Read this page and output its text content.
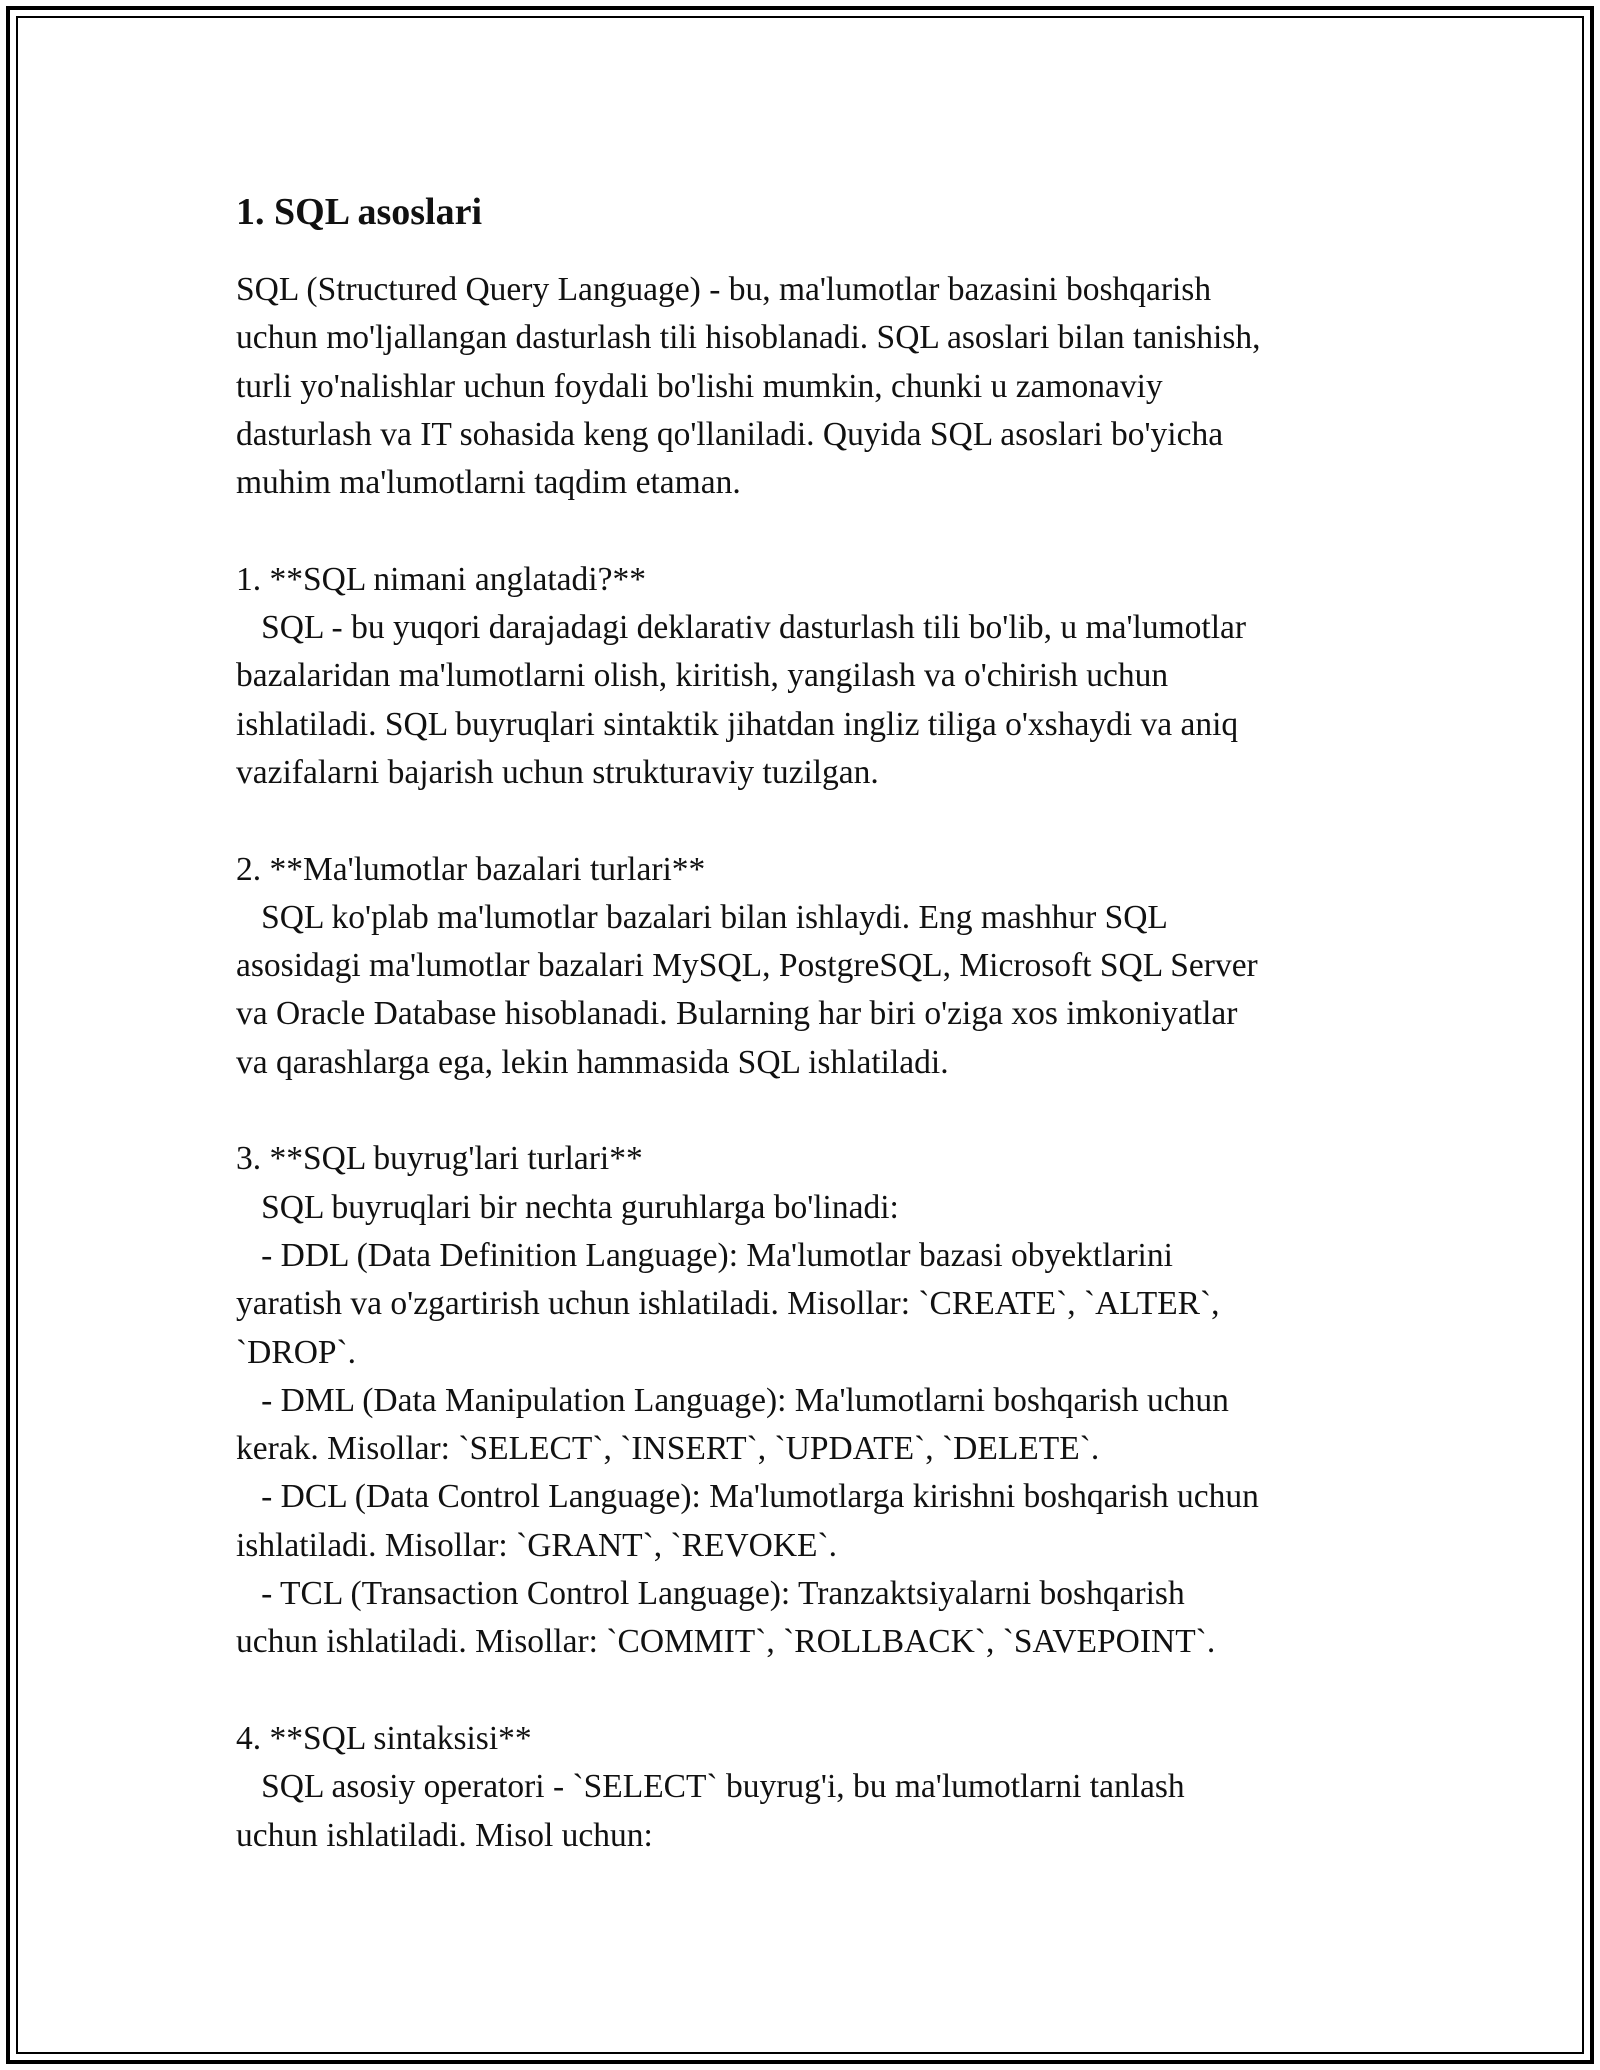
1. SQL asoslari

SQL (Structured Query Language) - bu, ma'lumotlar bazasini boshqarish
uchun mo'ljallangan dasturlash tili hisoblanadi. SQL asoslari bilan tanishish,
turli yo'nalishlar uchun foydali bo'lishi mumkin, chunki u zamonaviy
dasturlash va IT sohasida keng qo'llaniladi. Quyida SQL asoslari bo'yicha
muhim ma'lumotlarni taqdim etaman.

1. **SQL nimani anglatadi?**

SQL - bu yuqori darajadagi deklarativ dasturlash tili bo'lib, u ma'lumotlar
bazalaridan ma'lumotlarni olish, kiritish, yangilash va o'chirish uchun
ishlatiladi. SQL buyruqlari sintaktik jihatdan ingliz tiliga o'xshaydi va aniq
vazifalarni bajarish uchun strukturaviy tuzilgan.

2. **Ma'lumotlar bazalari turlari**

SQL ko'plab ma'lumotlar bazalari bilan ishlaydi. Eng mashhur SQL
asosidagi ma'lumotlar bazalari MySQL, PostgreSQL, Microsoft SQL Server
va Oracle Database hisoblanadi. Bularning har biri o'ziga xos imkoniyatlar
va qarashlarga ega, lekin hammasida SQL ishlatiladi.

3. **SQL buyrug'lari turlari**

SQL buyruqlari bir nechta guruhlarga bo'linadi:
- DDL (Data Definition Language): Ma'lumotlar bazasi obyektlarini
yaratish va o'zgartirish uchun ishlatiladi. Misollar: `CREATE`, `ALTER`,
`DROP`.
- DML (Data Manipulation Language): Ma'lumotlarni boshqarish uchun
kerak. Misollar: `SELECT`, `INSERT`, `UPDATE`, `DELETE`.
- DCL (Data Control Language): Ma'lumotlarga kirishni boshqarish uchun
ishlatiladi. Misollar: `GRANT`, `REVOKE`.
- TCL (Transaction Control Language): Tranzaktsiyalarni boshqarish
uchun ishlatiladi. Misollar: `COMMIT`, `ROLLBACK`, `SAVEPOINT`.

4. **SQL sintaksisi**

SQL asosiy operatori - `SELECT` buyrug'i, bu ma'lumotlarni tanlash
uchun ishlatiladi. Misol uchun:
